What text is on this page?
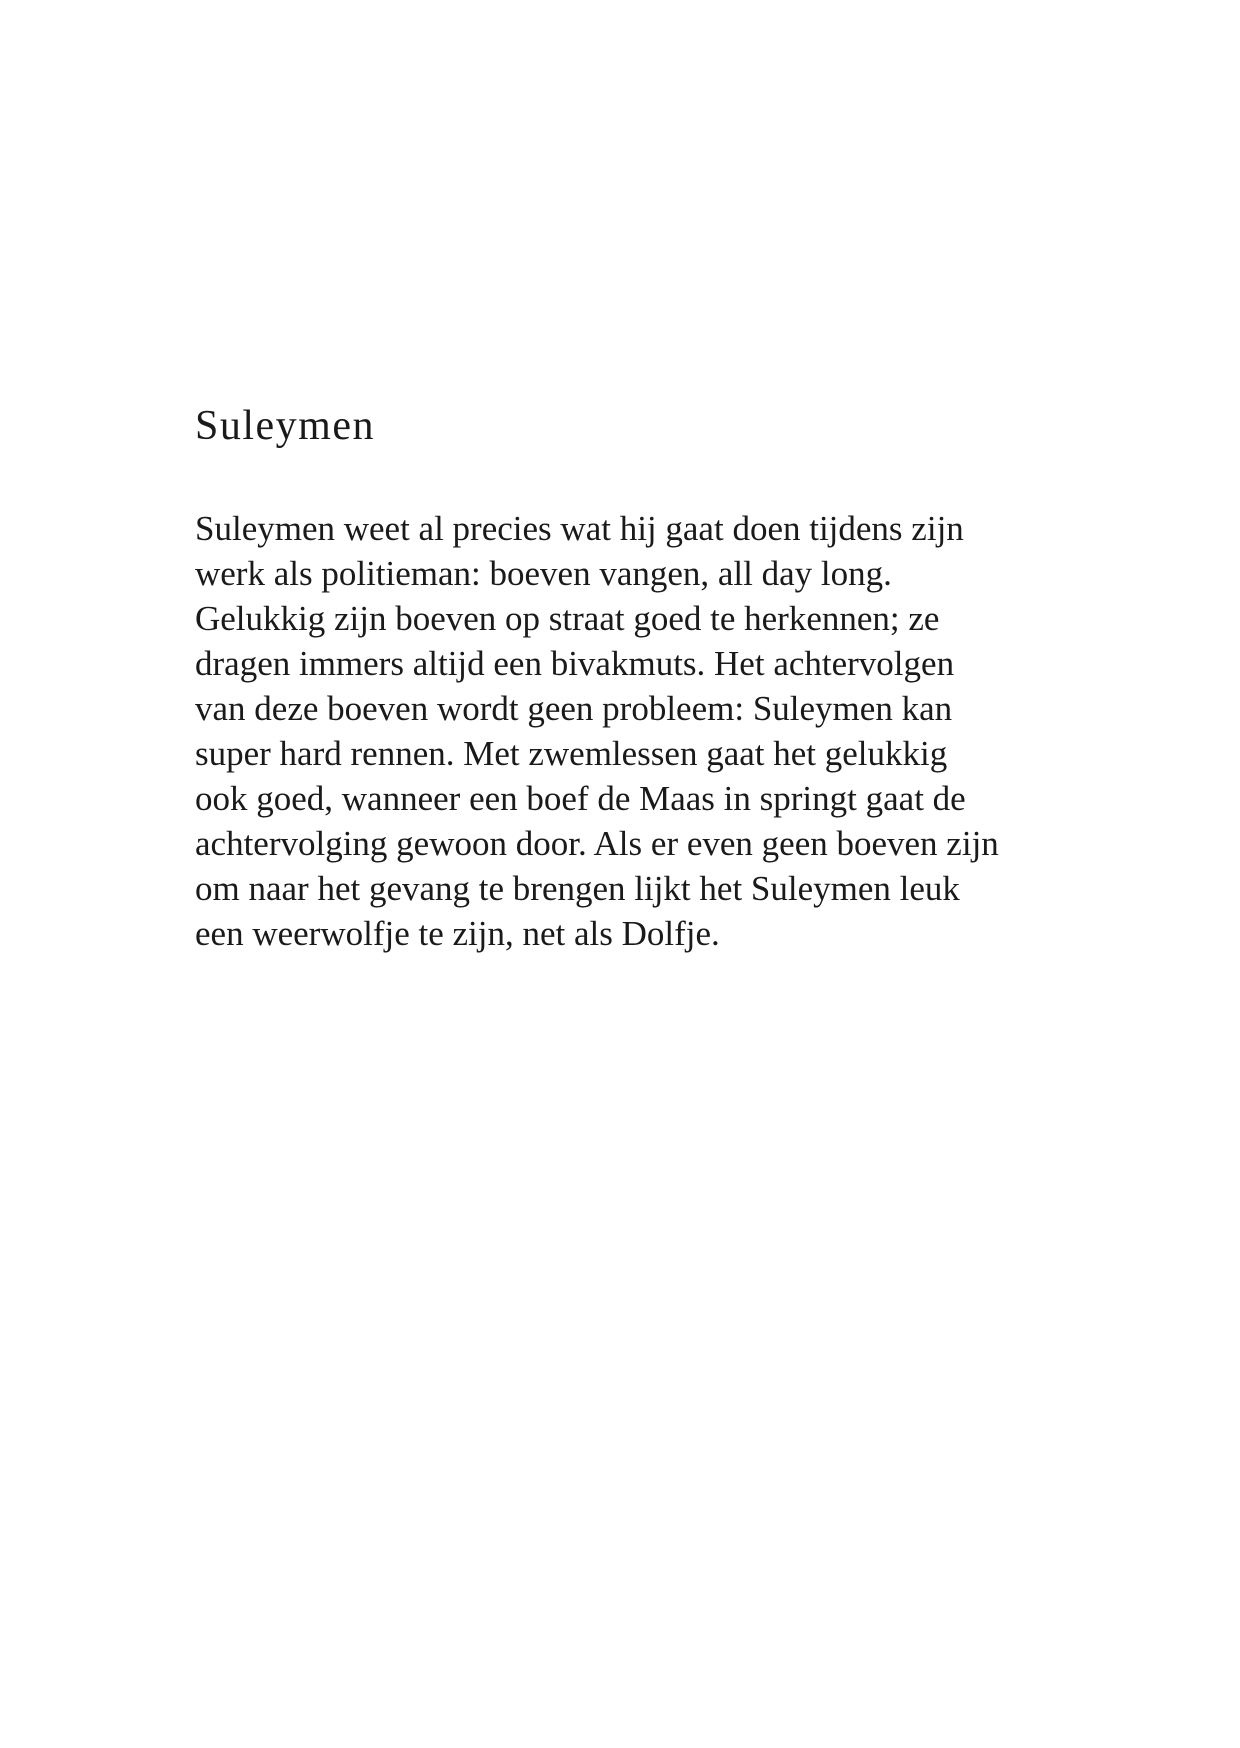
Suleymen
Suleymen weet al precies wat hij gaat doen tijdens zijn
werk als politieman: boeven vangen, all day long.
Gelukkig zijn boeven op straat goed te herkennen; ze
dragen immers altijd een bivakmuts. Het achtervolgen
van deze boeven wordt geen probleem: Suleymen kan
super hard rennen. Met zwemlessen gaat het gelukkig
ook goed, wanneer een boef de Maas in springt gaat de
achtervolging gewoon door. Als er even geen boeven zijn
om naar het gevang te brengen lijkt het Suleymen leuk
een weerwolfje te zijn, net als Dolfje.
